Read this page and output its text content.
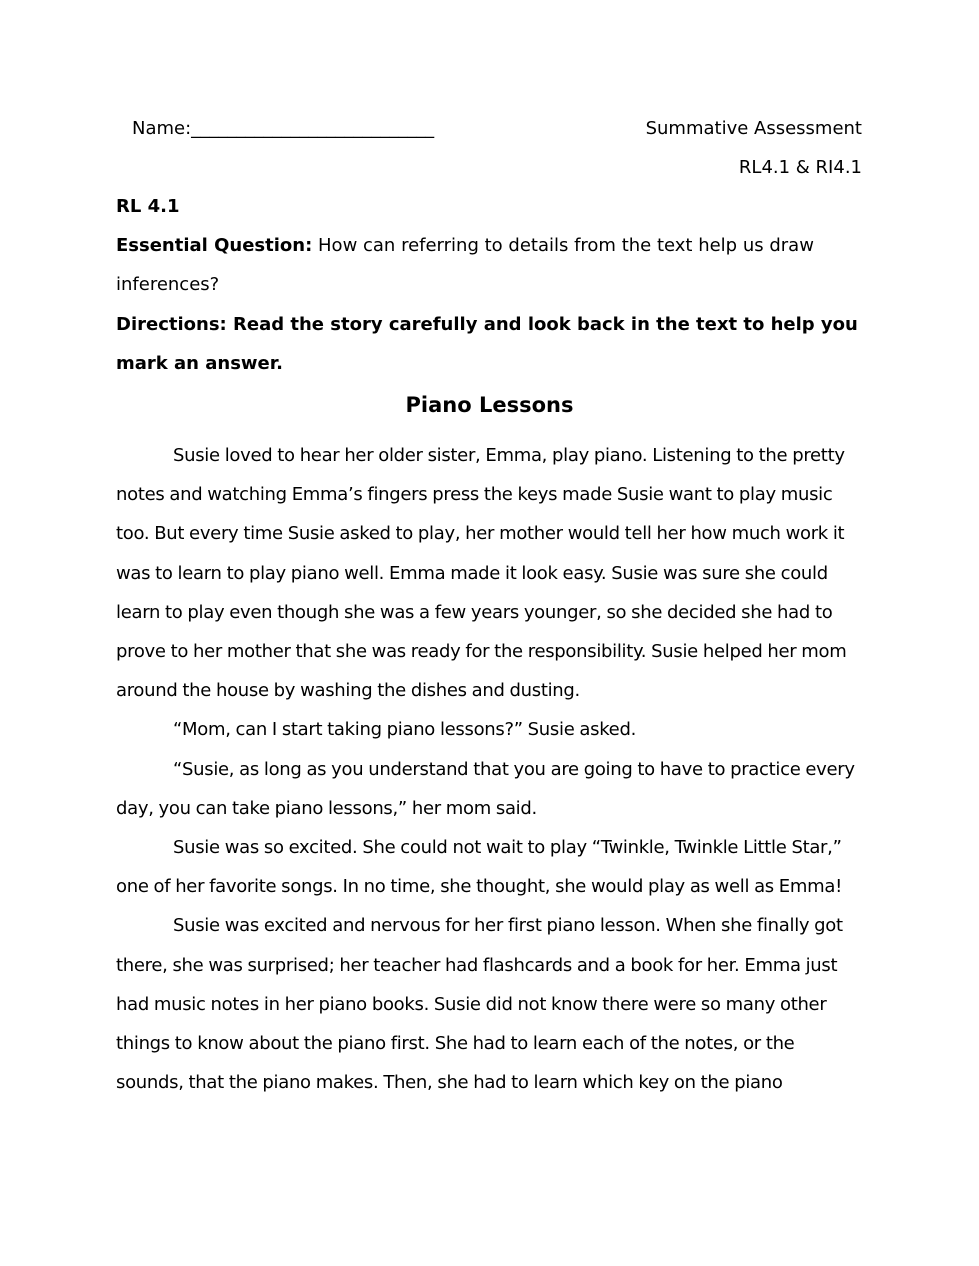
Name:___________________________	Summative Assessment
RL4.1 & RI4.1
RL 4.1
Essential Question: How can referring to details from the text help us draw
inferences?
Directions: Read the story carefully and look back in the text to help you
mark an answer.
Piano Lessons

Susie loved to hear her older sister, Emma, play piano. Listening to the pretty notes and watching Emma’s fingers press the keys made Susie want to play music too. But every time Susie asked to play, her mother would tell her how much work it was to learn to play piano well. Emma made it look easy. Susie was sure she could learn to play even though she was a few years younger, so she decided she had to prove to her mother that she was ready for the responsibility. Susie helped her mom around the house by washing the dishes and dusting.

“Mom, can I start taking piano lessons?” Susie asked.

“Susie, as long as you understand that you are going to have to practice every day, you can take piano lessons,” her mom said.

Susie was so excited. She could not wait to play “Twinkle, Twinkle Little Star,” one of her favorite songs. In no time, she thought, she would play as well as Emma!

Susie was excited and nervous for her first piano lesson. When she finally got there, she was surprised; her teacher had flashcards and a book for her. Emma just had music notes in her piano books. Susie did not know there were so many other things to know about the piano first. She had to learn each of the notes, or the sounds, that the piano makes. Then, she had to learn which key on the piano
